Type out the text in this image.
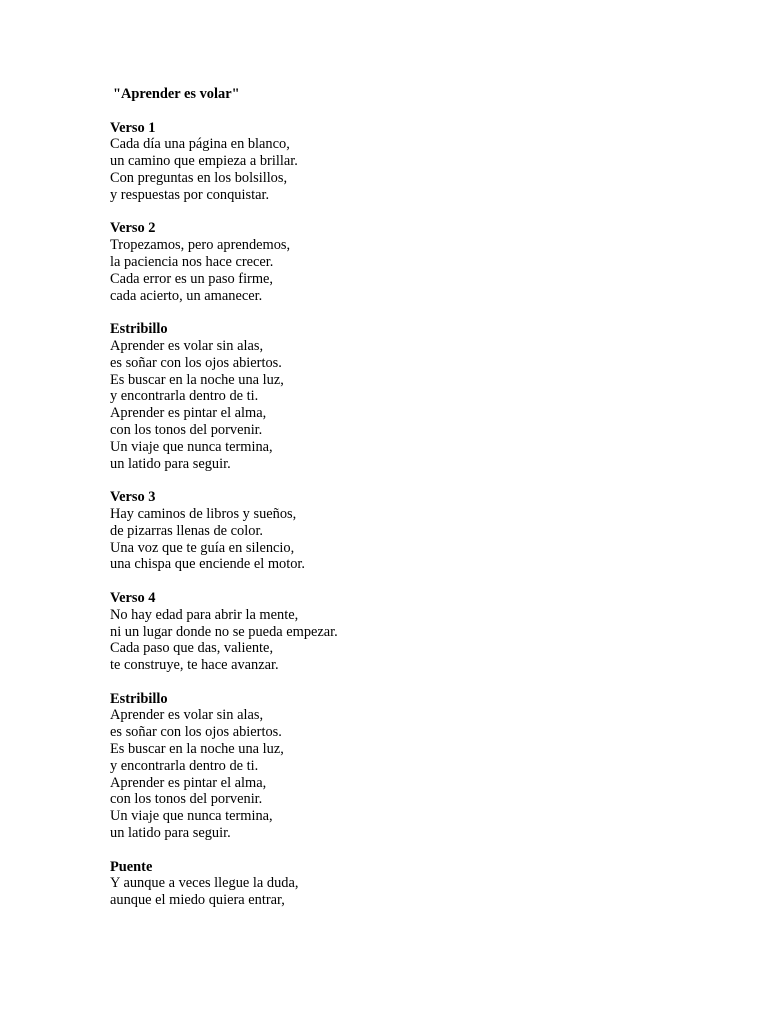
"Aprender es volar"
Verso 1
Cada día una página en blanco,
un camino que empieza a brillar.
Con preguntas en los bolsillos,
y respuestas por conquistar.
Verso 2
Tropezamos, pero aprendemos,
la paciencia nos hace crecer.
Cada error es un paso firme,
cada acierto, un amanecer.
Estribillo
Aprender es volar sin alas,
es soñar con los ojos abiertos.
Es buscar en la noche una luz,
y encontrarla dentro de ti.
Aprender es pintar el alma,
con los tonos del porvenir.
Un viaje que nunca termina,
un latido para seguir.
Verso 3
Hay caminos de libros y sueños,
de pizarras llenas de color.
Una voz que te guía en silencio,
una chispa que enciende el motor.
Verso 4
No hay edad para abrir la mente,
ni un lugar donde no se pueda empezar.
Cada paso que das, valiente,
te construye, te hace avanzar.
Estribillo
Aprender es volar sin alas,
es soñar con los ojos abiertos.
Es buscar en la noche una luz,
y encontrarla dentro de ti.
Aprender es pintar el alma,
con los tonos del porvenir.
Un viaje que nunca termina,
un latido para seguir.
Puente
Y aunque a veces llegue la duda,
aunque el miedo quiera entrar,
